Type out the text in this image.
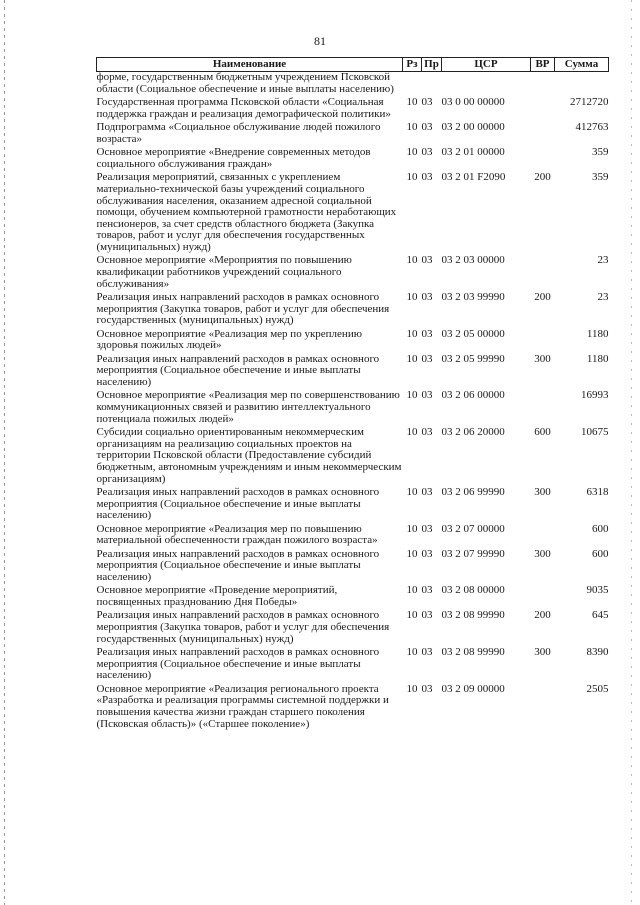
81
Наименование	Рз	Пр	ЦСР	ВР	Сумма
форме, государственным бюджетным учреждением Псковской области (Социальное обеспечение и иные выплаты населению)					
Государственная программа Псковской области «Социальная поддержка граждан и реализация демографической политики»	10	03	03 0 00 00000		2712720
Подпрограмма «Социальное обслуживание людей пожилого возраста»	10	03	03 2 00 00000		412763
Основное мероприятие «Внедрение современных методов социального обслуживания граждан»	10	03	03 2 01 00000		359
Реализация мероприятий, связанных с укреплением материально-технической базы учреждений социального обслуживания населения, оказанием адресной социальной помощи, обучением компьютерной грамотности неработающих пенсионеров, за счет средств областного бюджета (Закупка товаров, работ и услуг для обеспечения государственных (муниципальных) нужд)	10	03	03 2 01 F2090	200	359
Основное мероприятие «Мероприятия по повышению квалификации работников учреждений социального обслуживания»	10	03	03 2 03 00000		23
Реализация иных направлений расходов в рамках основного мероприятия (Закупка товаров, работ и услуг для обеспечения государственных (муниципальных) нужд)	10	03	03 2 03 99990	200	23
Основное мероприятие «Реализация мер по укреплению здоровья пожилых людей»	10	03	03 2 05 00000		1180
Реализация иных направлений расходов в рамках основного мероприятия (Социальное обеспечение и иные выплаты населению)	10	03	03 2 05 99990	300	1180
Основное мероприятие «Реализация мер по совершенствованию коммуникационных связей и развитию интеллектуального потенциала пожилых людей»	10	03	03 2 06 00000		16993
Субсидии социально ориентированным некоммерческим организациям на реализацию социальных проектов на территории Псковской области (Предоставление субсидий бюджетным, автономным учреждениям и иным некоммерческим организациям)	10	03	03 2 06 20000	600	10675
Реализация иных направлений расходов в рамках основного мероприятия (Социальное обеспечение и иные выплаты населению)	10	03	03 2 06 99990	300	6318
Основное мероприятие «Реализация мер по повышению материальной обеспеченности граждан пожилого возраста»	10	03	03 2 07 00000		600
Реализация иных направлений расходов в рамках основного мероприятия (Социальное обеспечение и иные выплаты населению)	10	03	03 2 07 99990	300	600
Основное мероприятие «Проведение мероприятий, посвященных празднованию Дня Победы»	10	03	03 2 08 00000		9035
Реализация иных направлений расходов в рамках основного мероприятия (Закупка товаров, работ и услуг для обеспечения государственных (муниципальных) нужд)	10	03	03 2 08 99990	200	645
Реализация иных направлений расходов в рамках основного мероприятия (Социальное обеспечение и иные выплаты населению)	10	03	03 2 08 99990	300	8390
Основное мероприятие «Реализация регионального проекта «Разработка и реализация программы системной поддержки и повышения качества жизни граждан старшего поколения (Псковская область)» («Старшее поколение»)	10	03	03 2 09 00000		2505
